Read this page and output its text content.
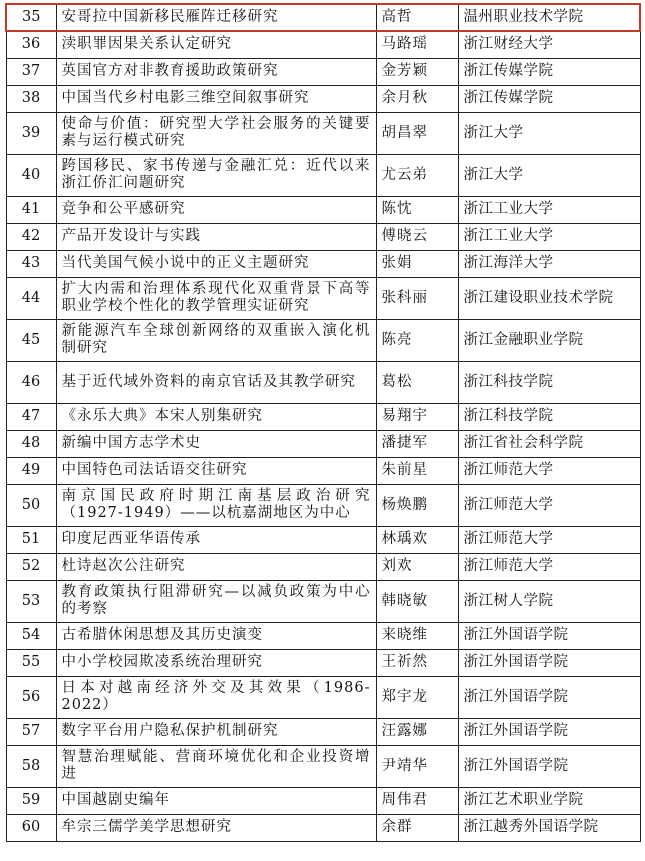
35	安哥拉中国新移民雁阵迁移研究	高哲	温州职业技术学院
36	渎职罪因果关系认定研究	马路瑶	浙江财经大学
37	英国官方对非教育援助政策研究	金芳颖	浙江传媒学院
38	中国当代乡村电影三维空间叙事研究	余月秋	浙江传媒学院
39	使命与价值：研究型大学社会服务的关键要素与运行模式研究	胡昌翠	浙江大学
40	跨国移民、家书传递与金融汇兑：近代以来浙江侨汇问题研究	尤云弟	浙江大学
41	竞争和公平感研究	陈忱	浙江工业大学
42	产品开发设计与实践	傅晓云	浙江工业大学
43	当代美国气候小说中的正义主题研究	张娟	浙江海洋大学
44	扩大内需和治理体系现代化双重背景下高等职业学校个性化的教学管理实证研究	张科丽	浙江建设职业技术学院
45	新能源汽车全球创新网络的双重嵌入演化机制研究	陈亮	浙江金融职业学院
46	基于近代域外资料的南京官话及其教学研究	葛松	浙江科技学院
47	《永乐大典》本宋人别集研究	易翔宇	浙江科技学院
48	新编中国方志学术史	潘捷军	浙江省社会科学院
49	中国特色司法话语交往研究	朱前星	浙江师范大学
50	南京国民政府时期江南基层政治研究（1927-1949）——以杭嘉湖地区为中心	杨焕鹏	浙江师范大学
51	印度尼西亚华语传承	林瑀欢	浙江师范大学
52	杜诗赵次公注研究	刘欢	浙江师范大学
53	教育政策执行阻滞研究—以减负政策为中心的考察	韩晓敏	浙江树人学院
54	古希腊休闲思想及其历史演变	来晓维	浙江外国语学院
55	中小学校园欺凌系统治理研究	王祈然	浙江外国语学院
56	日本对越南经济外交及其效果（1986-2022）	郑宇龙	浙江外国语学院
57	数字平台用户隐私保护机制研究	汪露娜	浙江外国语学院
58	智慧治理赋能、营商环境优化和企业投资增进	尹靖华	浙江外国语学院
59	中国越剧史编年	周伟君	浙江艺术职业学院
60	牟宗三儒学美学思想研究	余群	浙江越秀外国语学院
